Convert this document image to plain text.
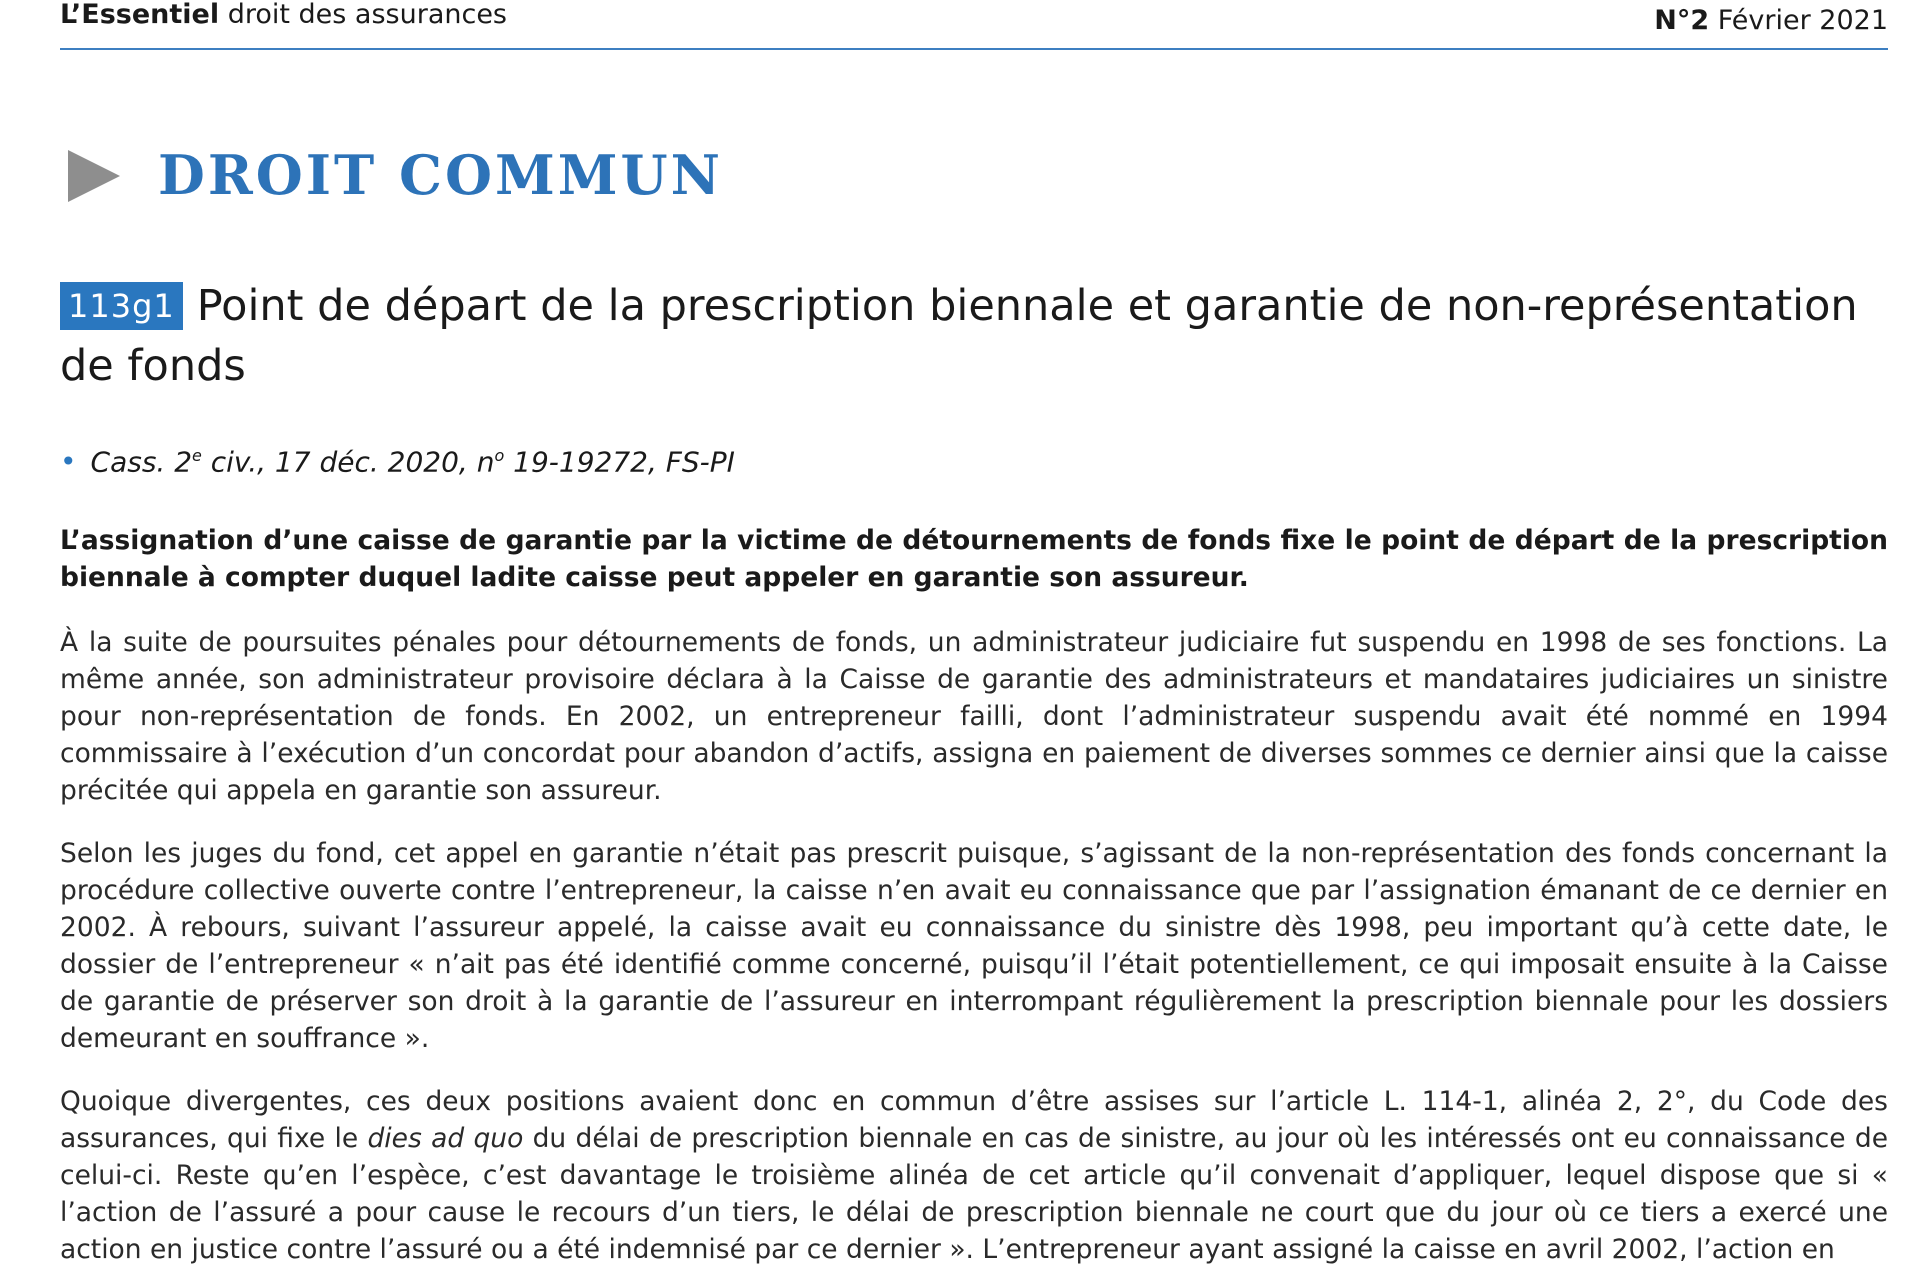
L’Essentiel droit des assurances	N°2 Février 2021
DROIT COMMUN
113g1 Point de départ de la prescription biennale et garantie de non-représentation de fonds
• Cass. 2e civ., 17 déc. 2020, $n^o$ 19-19272, FS-PI
L’assignation d’une caisse de garantie par la victime de détournements de fonds fixe le point de départ de la prescription biennale à compter duquel ladite caisse peut appeler en garantie son assureur.
À la suite de poursuites pénales pour détournements de fonds, un administrateur judiciaire fut suspendu en 1998 de ses fonctions. La même année, son administrateur provisoire déclara à la Caisse de garantie des administrateurs et mandataires judiciaires un sinistre pour non-représentation de fonds. En 2002, un entrepreneur failli, dont l’administrateur suspendu avait été nommé en 1994 commissaire à l’exécution d’un concordat pour abandon d’actifs, assigna en paiement de diverses sommes ce dernier ainsi que la caisse précitée qui appela en garantie son assureur.
Selon les juges du fond, cet appel en garantie n’était pas prescrit puisque, s’agissant de la non-représentation des fonds concernant la procédure collective ouverte contre l’entrepreneur, la caisse n’en avait eu connaissance que par l’assignation émanant de ce dernier en 2002. À rebours, suivant l’assureur appelé, la caisse avait eu connaissance du sinistre dès 1998, peu important qu’à cette date, le dossier de l’entrepreneur « n’ait pas été identifié comme concerné, puisqu’il l’était potentiellement, ce qui imposait ensuite à la Caisse de garantie de préserver son droit à la garantie de l’assureur en interrompant régulièrement la prescription biennale pour les dossiers demeurant en souffrance ».
Quoique divergentes, ces deux positions avaient donc en commun d’être assises sur l’article L. 114-1, alinéa 2, 2°, du Code des assurances, qui fixe le dies ad quo du délai de prescription biennale en cas de sinistre, au jour où les intéressés ont eu connaissance de celui-ci. Reste qu’en l’espèce, c’est davantage le troisième alinéa de cet article qu’il convenait d’appliquer, lequel dispose que si « l’action de l’assuré a pour cause le recours d’un tiers, le délai de prescription biennale ne court que du jour où ce tiers a exercé une action en justice contre l’assuré ou a été indemnisé par ce dernier ». L’entrepreneur ayant assigné la caisse en avril 2002, l’action en
